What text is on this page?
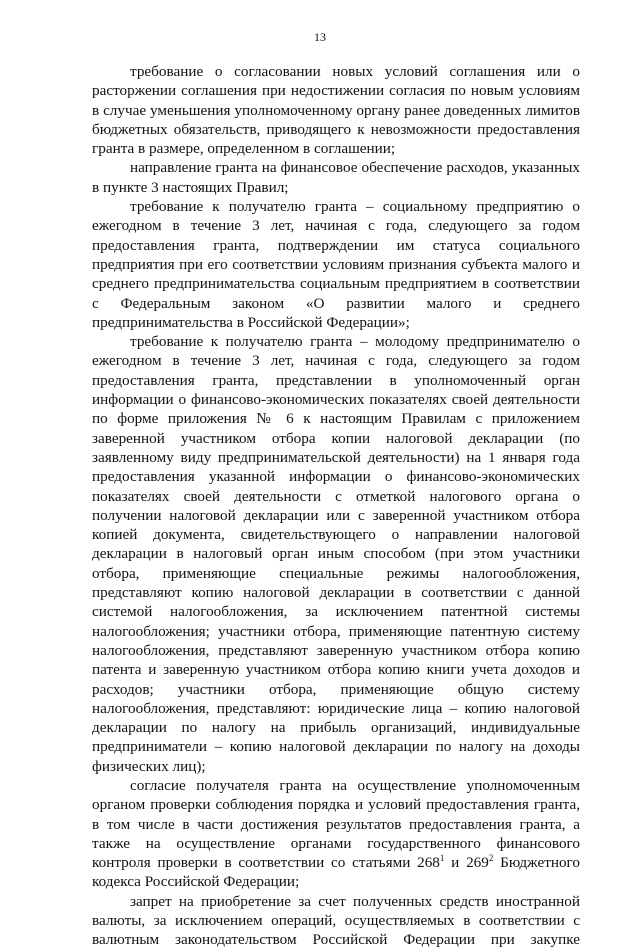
13

требование о согласовании новых условий соглашения или о расторжении соглашения при недостижении согласия по новым условиям в случае уменьшения уполномоченному органу ранее доведенных лимитов бюджетных обязательств, приводящего к невозможности предоставления гранта в размере, определенном в соглашении;

направление гранта на финансовое обеспечение расходов, указанных в пункте 3 настоящих Правил;

требование к получателю гранта – социальному предприятию о ежегодном в течение 3 лет, начиная с года, следующего за годом предоставления гранта, подтверждении им статуса социального предприятия при его соответствии условиям признания субъекта малого и среднего предпринимательства социальным предприятием в соответствии с Федеральным законом «О развитии малого и среднего предпринимательства в Российской Федерации»;

требование к получателю гранта – молодому предпринимателю о ежегодном в течение 3 лет, начиная с года, следующего за годом предоставления гранта, представлении в уполномоченный орган информации о финансово-экономических показателях своей деятельности по форме приложения № 6 к настоящим Правилам с приложением заверенной участником отбора копии налоговой декларации (по заявленному виду предпринимательской деятельности) на 1 января года предоставления указанной информации о финансово-экономических показателях своей деятельности с отметкой налогового органа о получении налоговой декларации или с заверенной участником отбора копией документа, свидетельствующего о направлении налоговой декларации в налоговый орган иным способом (при этом участники отбора, применяющие специальные режимы налогообложения, представляют копию налоговой декларации в соответствии с данной системой налогообложения, за исключением патентной системы налогообложения; участники отбора, применяющие патентную систему налогообложения, представляют заверенную участником отбора копию патента и заверенную участником отбора копию книги учета доходов и расходов; участники отбора, применяющие общую систему налогообложения, представляют: юридические лица – копию налоговой декларации по налогу на прибыль организаций, индивидуальные предприниматели – копию налоговой декларации по налогу на доходы физических лиц);

согласие получателя гранта на осуществление уполномоченным органом проверки соблюдения порядка и условий предоставления гранта, в том числе в части достижения результатов предоставления гранта, а также на осуществление органами государственного финансового контроля проверки в соответствии со статьями $268^1$ и $269^2$ Бюджетного кодекса Российской Федерации;

запрет на приобретение за счет полученных средств иностранной валюты, за исключением операций, осуществляемых в соответствии с валютным законодательством Российской Федерации при закупке
